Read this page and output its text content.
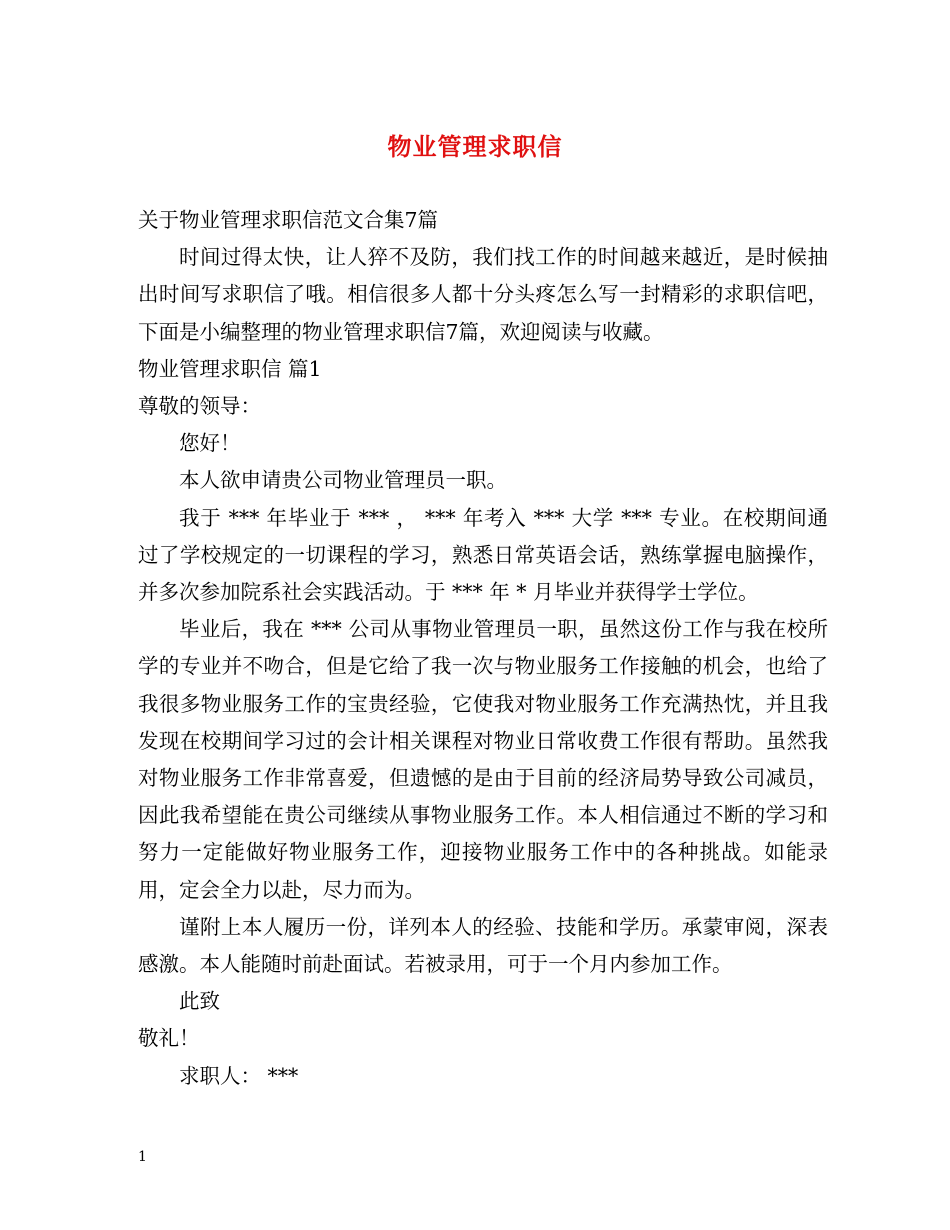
物业管理求职信

关于物业管理求职信范文合集7篇

时间过得太快，让人猝不及防，我们找工作的时间越来越近，是时候抽出时间写求职信了哦。相信很多人都十分头疼怎么写一封精彩的求职信吧，下面是小编整理的物业管理求职信7篇，欢迎阅读与收藏。

物业管理求职信 篇1

尊敬的领导：

您好！

本人欲申请贵公司物业管理员一职。

我于 *** 年毕业于 *** ， *** 年考入 *** 大学 *** 专业。在校期间通过了学校规定的一切课程的学习，熟悉日常英语会话，熟练掌握电脑操作，并多次参加院系社会实践活动。于 *** 年 * 月毕业并获得学士学位。

毕业后，我在 *** 公司从事物业管理员一职，虽然这份工作与我在校所学的专业并不吻合，但是它给了我一次与物业服务工作接触的机会，也给了我很多物业服务工作的宝贵经验，它使我对物业服务工作充满热忱，并且我发现在校期间学习过的会计相关课程对物业日常收费工作很有帮助。虽然我对物业服务工作非常喜爱，但遗憾的是由于目前的经济局势导致公司减员，因此我希望能在贵公司继续从事物业服务工作。本人相信通过不断的学习和努力一定能做好物业服务工作，迎接物业服务工作中的各种挑战。如能录用，定会全力以赴，尽力而为。

谨附上本人履历一份，详列本人的经验、技能和学历。承蒙审阅，深表感激。本人能随时前赴面试。若被录用，可于一个月内参加工作。

此致

敬礼！

求职人： ***

1
